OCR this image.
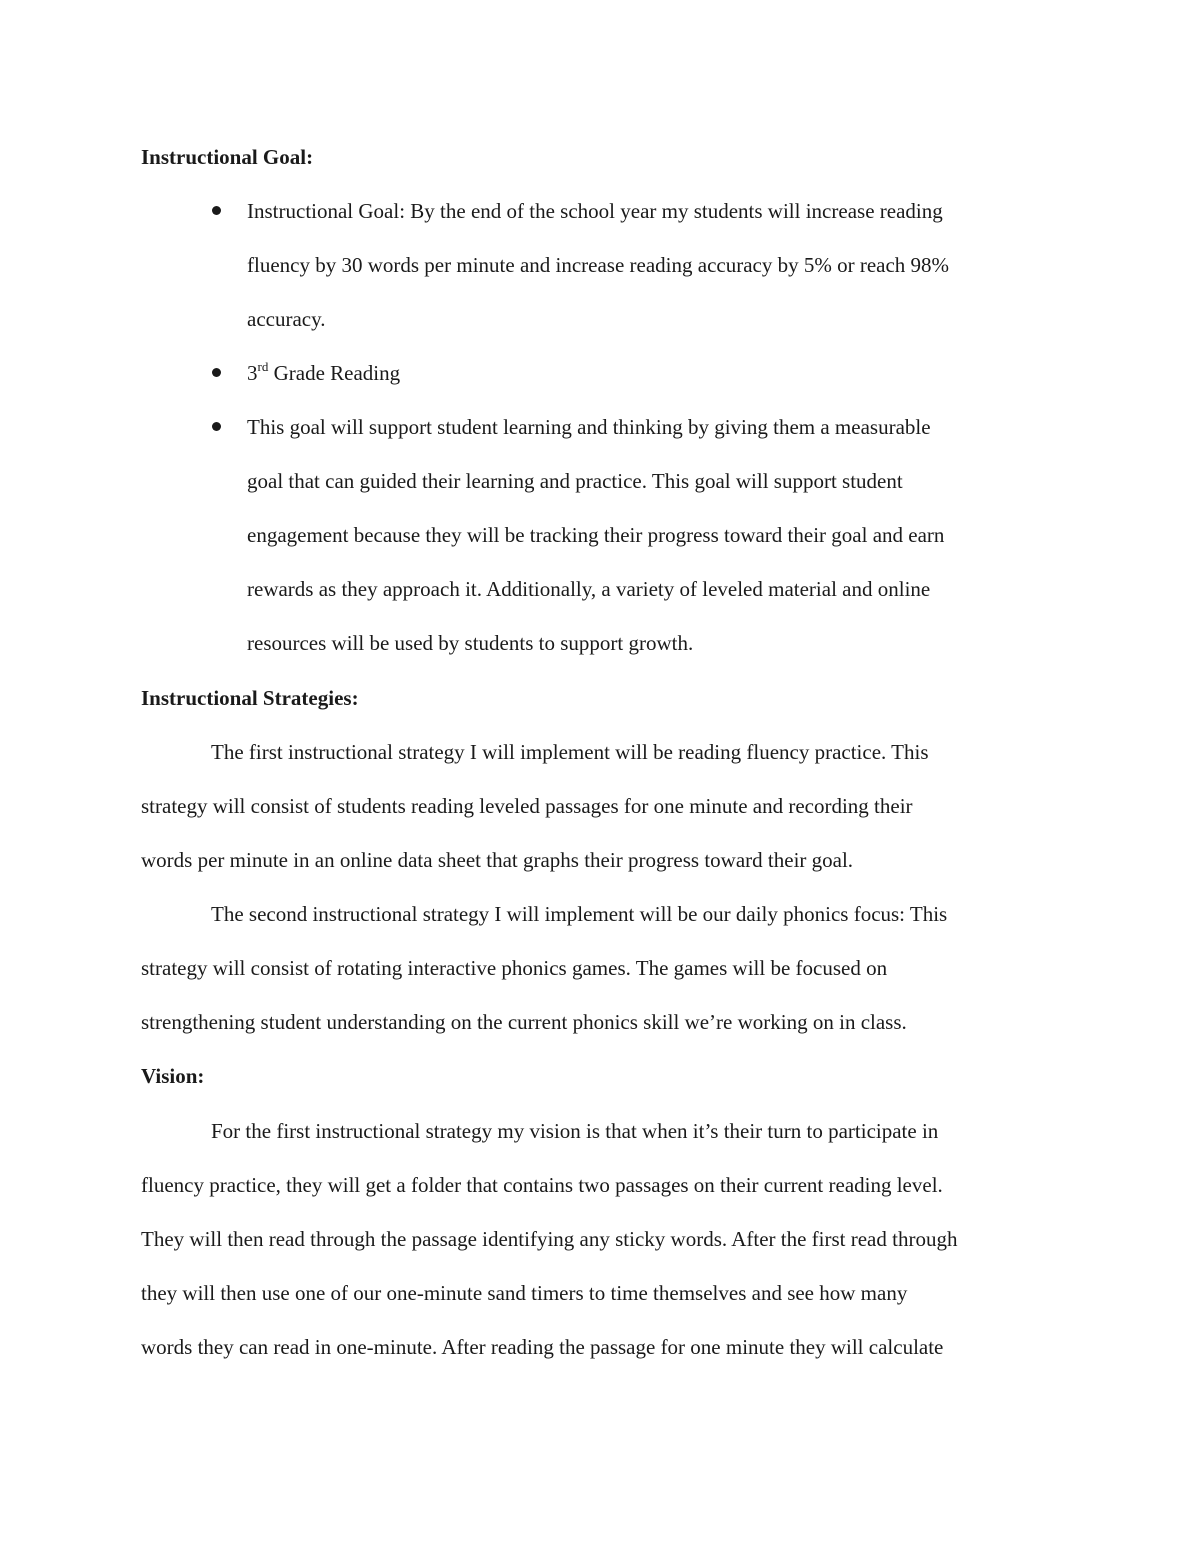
Instructional Goal:
Instructional Goal: By the end of the school year my students will increase reading
fluency by 30 words per minute and increase reading accuracy by 5% or reach 98%
accuracy.
3rd Grade Reading
This goal will support student learning and thinking by giving them a measurable
goal that can guided their learning and practice. This goal will support student
engagement because they will be tracking their progress toward their goal and earn
rewards as they approach it. Additionally, a variety of leveled material and online
resources will be used by students to support growth.
Instructional Strategies:
The first instructional strategy I will implement will be reading fluency practice. This
strategy will consist of students reading leveled passages for one minute and recording their
words per minute in an online data sheet that graphs their progress toward their goal.
The second instructional strategy I will implement will be our daily phonics focus: This
strategy will consist of rotating interactive phonics games. The games will be focused on
strengthening student understanding on the current phonics skill we’re working on in class.
Vision:
For the first instructional strategy my vision is that when it’s their turn to participate in
fluency practice, they will get a folder that contains two passages on their current reading level.
They will then read through the passage identifying any sticky words. After the first read through
they will then use one of our one-minute sand timers to time themselves and see how many
words they can read in one-minute. After reading the passage for one minute they will calculate
